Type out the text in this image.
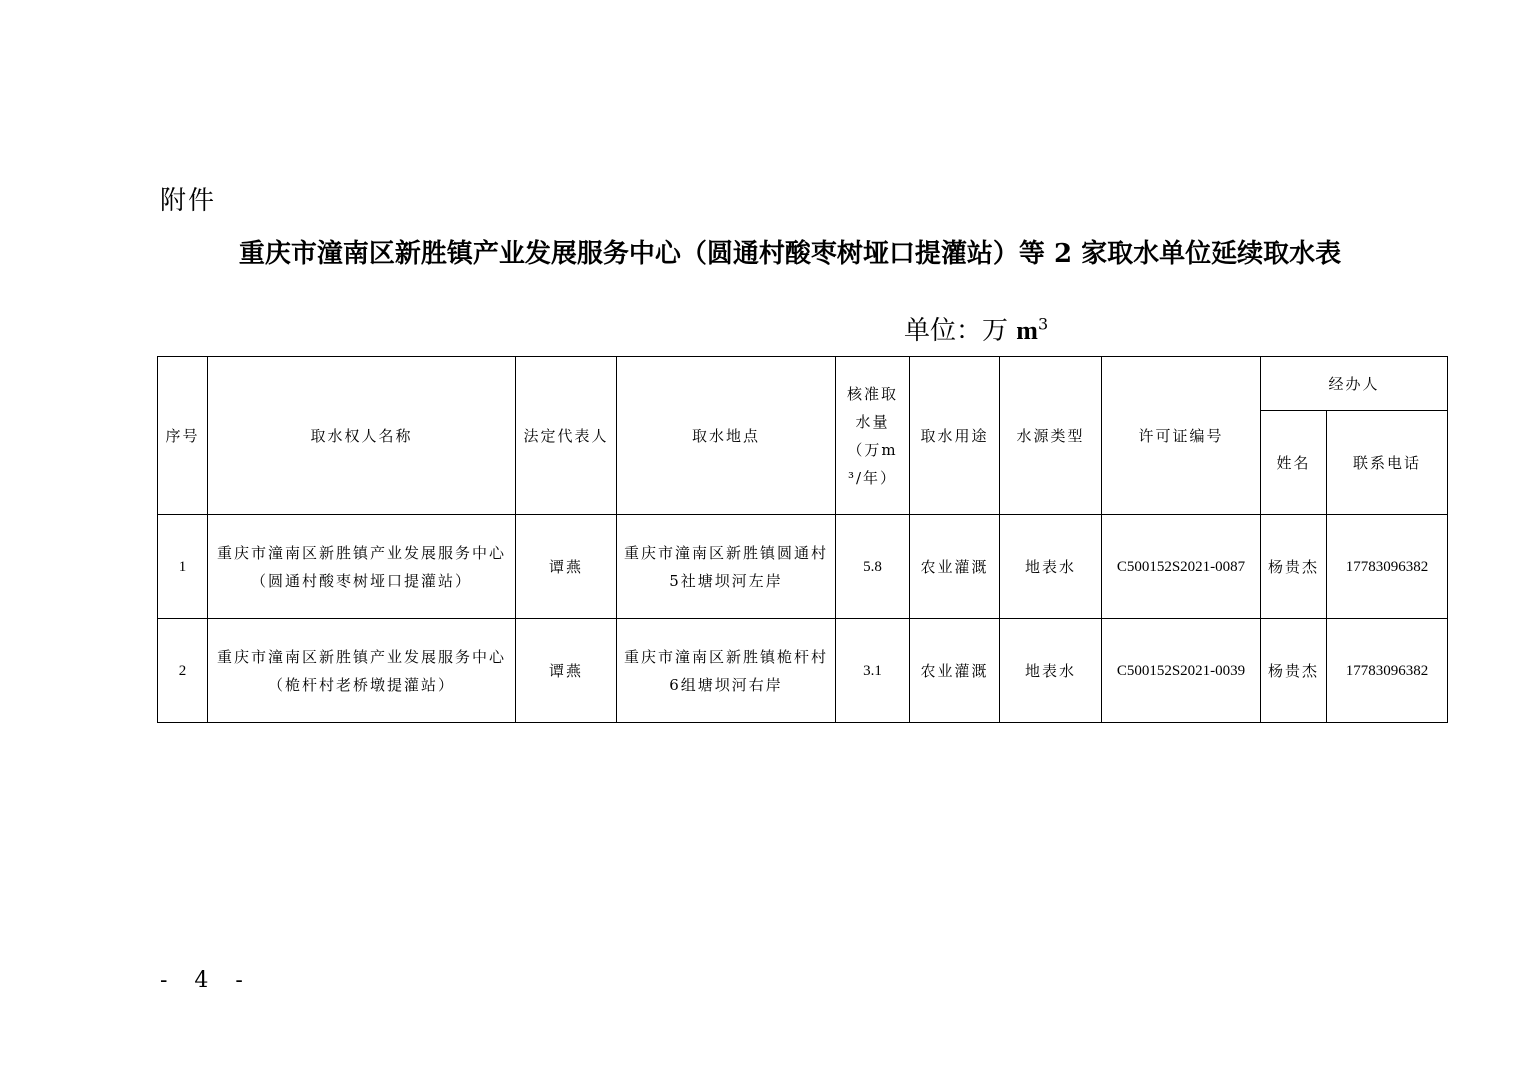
附件
重庆市潼南区新胜镇产业发展服务中心（圆通村酸枣树垭口提灌站）等 2 家取水单位延续取水表
单位：万 $m^3$
序号	取水权人名称	法定代表人	取水地点	核准取水量（万m³/年）	取水用途	水源类型	许可证编号	经办人	
								姓名	联系电话
1	重庆市潼南区新胜镇产业发展服务中心（圆通村酸枣树垭口提灌站）	谭燕	重庆市潼南区新胜镇圆通村5社塘坝河左岸	5.8	农业灌溉	地表水	C500152S2021-0087	杨贵杰	17783096382
2	重庆市潼南区新胜镇产业发展服务中心（桅杆村老桥墩提灌站）	谭燕	重庆市潼南区新胜镇桅杆村6组塘坝河右岸	3.1	农业灌溉	地表水	C500152S2021-0039	杨贵杰	17783096382
- 4 -
